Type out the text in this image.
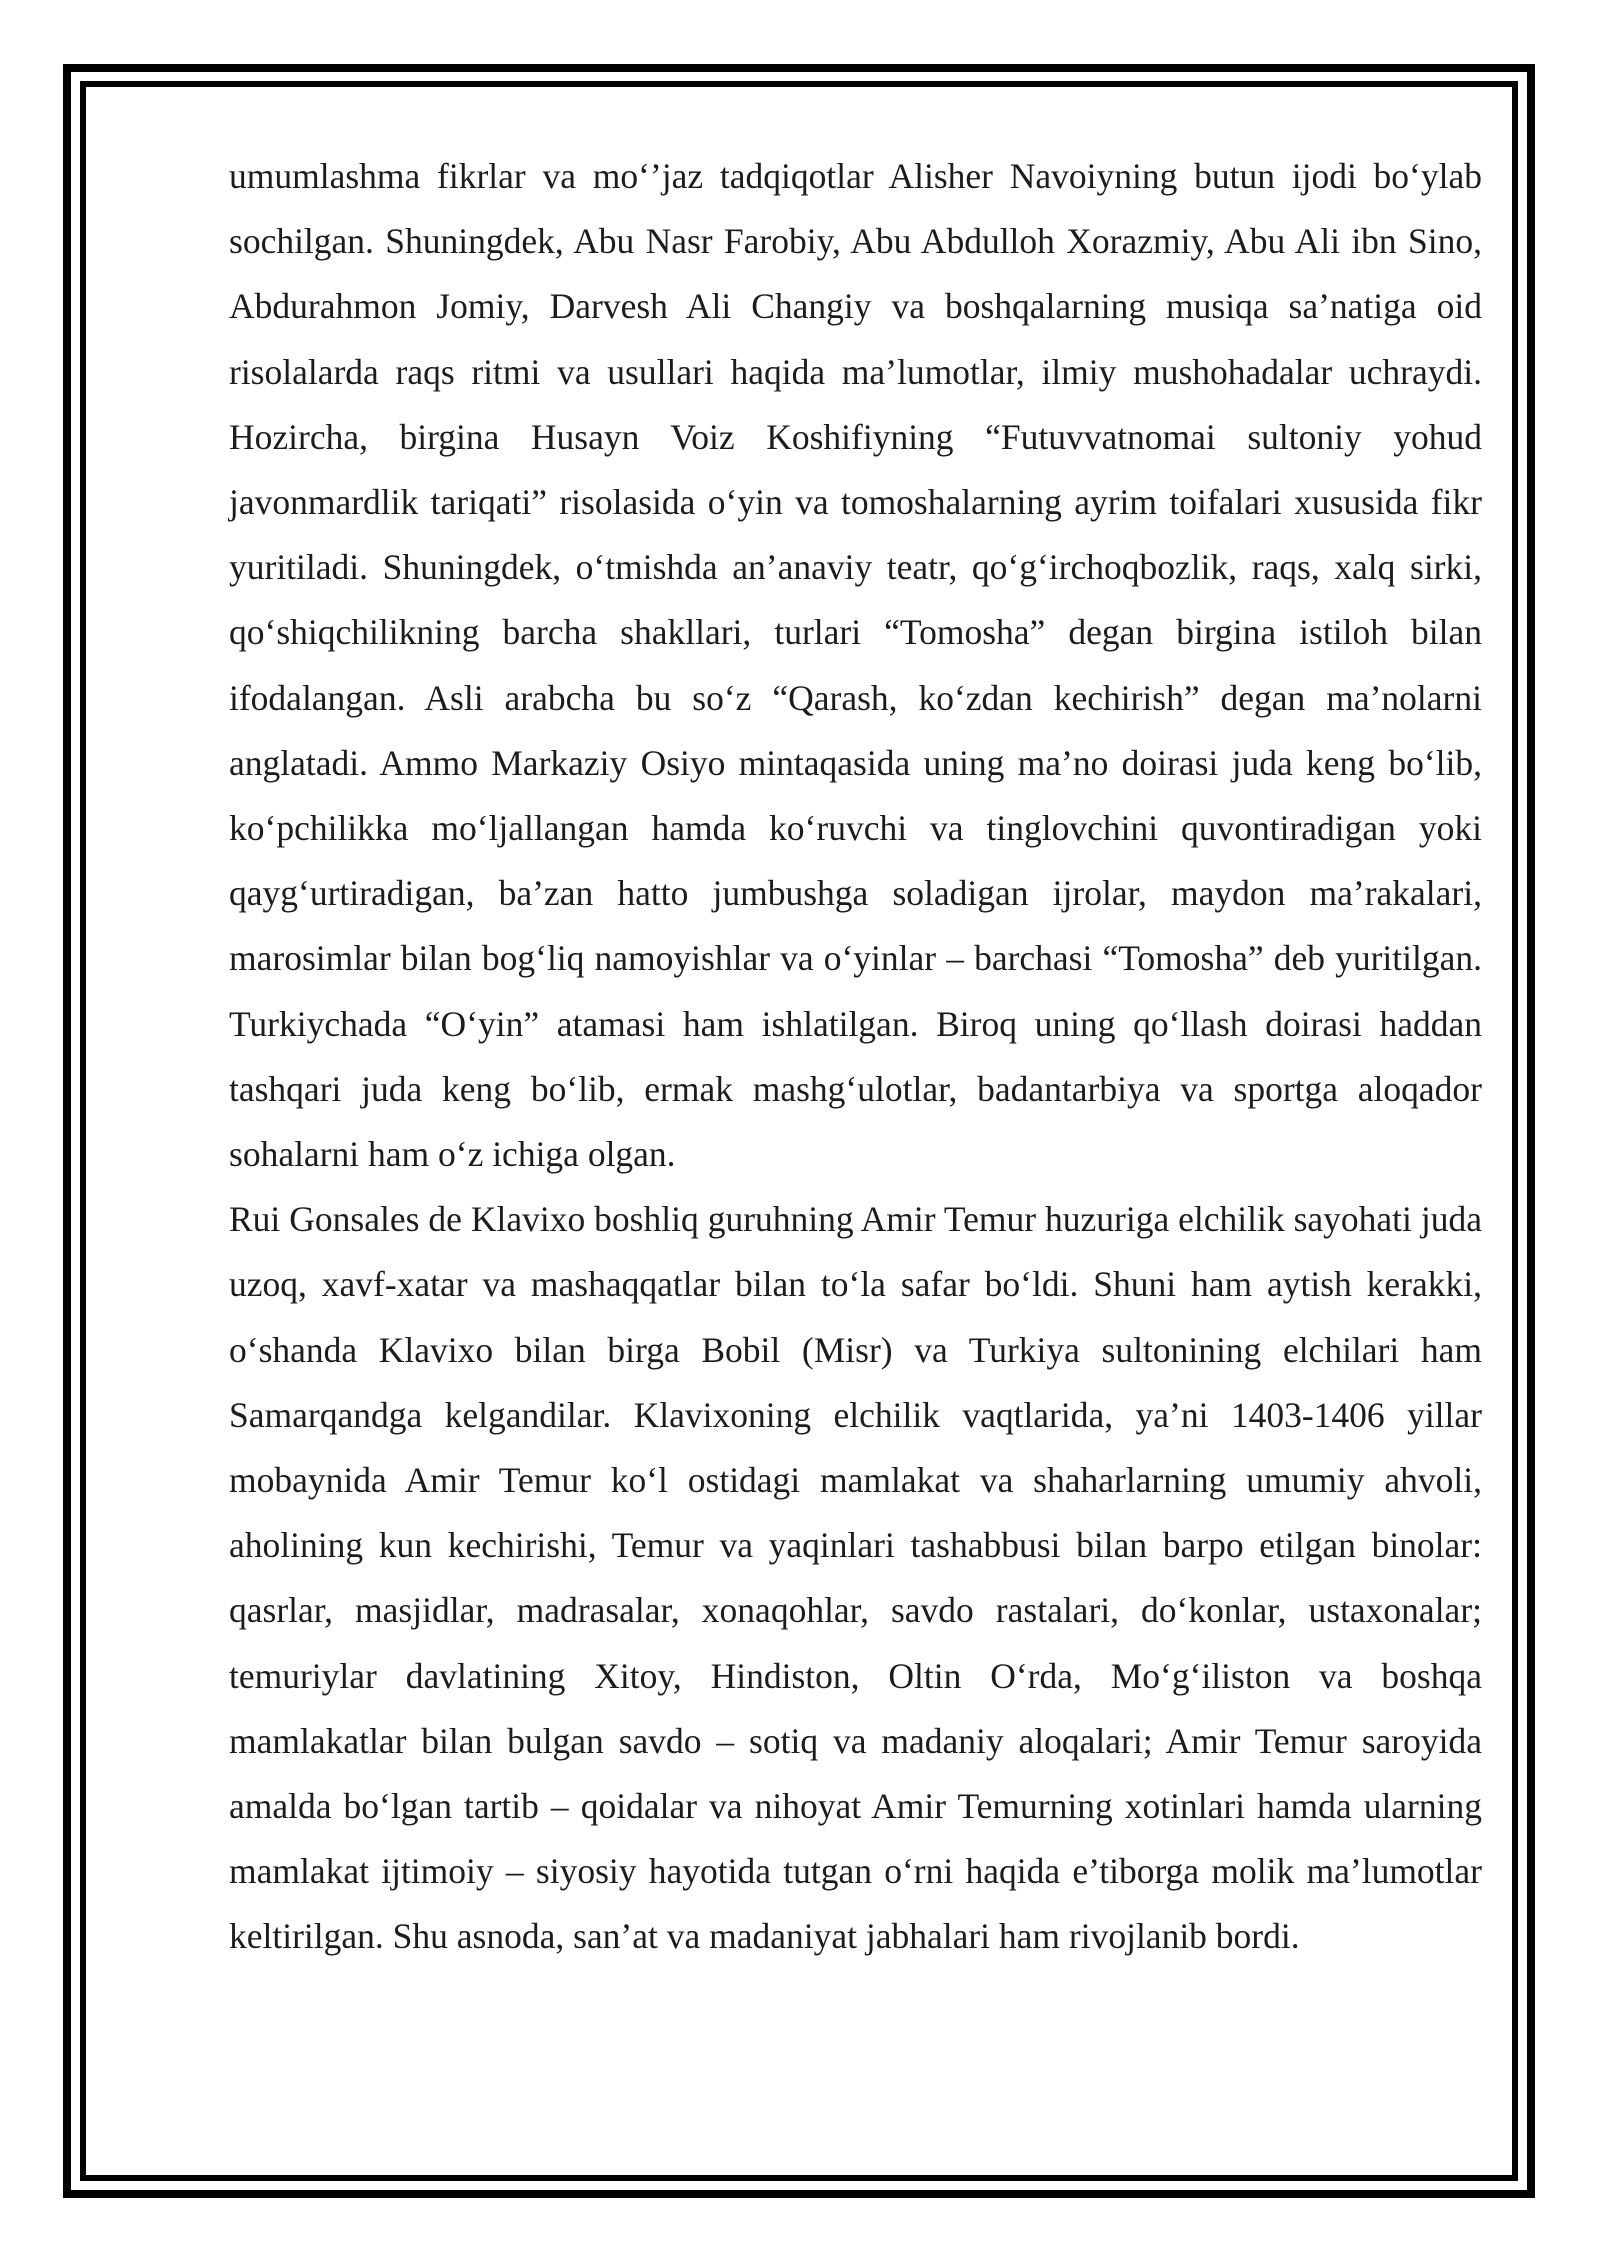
umumlashma fikrlar va mo‘’jaz tadqiqotlar Alisher Navoiyning butun ijodi bo‘ylab sochilgan. Shuningdek, Abu Nasr Farobiy, Abu Abdulloh Xorazmiy, Abu Ali ibn Sino, Abdurahmon Jomiy, Darvesh Ali Changiy va boshqalarning musiqa sa’natiga oid risolalarda raqs ritmi va usullari haqida ma’lumotlar, ilmiy mushohadalar uchraydi. Hozircha, birgina Husayn Voiz Koshifiyning “Futuvvatnomai sultoniy yohud javonmardlik tariqati” risolasida o‘yin va tomoshalarning ayrim toifalari xususida fikr yuritiladi. Shuningdek, o‘tmishda an’anaviy teatr, qo‘g‘irchoqbozlik, raqs, xalq sirki, qo‘shiqchilikning barcha shakllari, turlari “Tomosha” degan birgina istiloh bilan ifodalangan. Asli arabcha bu so‘z “Qarash, ko‘zdan kechirish” degan ma’nolarni anglatadi. Ammo Markaziy Osiyo mintaqasida uning ma’no doirasi juda keng bo‘lib, ko‘pchilikka mo‘ljallangan hamda ko‘ruvchi va tinglovchini quvontiradigan yoki qayg‘urtiradigan, ba’zan hatto jumbushga soladigan ijrolar, maydon ma’rakalari, marosimlar bilan bog‘liq namoyishlar va o‘yinlar – barchasi “Tomosha” deb yuritilgan. Turkiychada “O‘yin” atamasi ham ishlatilgan. Biroq uning qo‘llash doirasi haddan tashqari juda keng bo‘lib, ermak mashg‘ulotlar, badantarbiya va sportga aloqador sohalarni ham o‘z ichiga olgan.

Rui Gonsales de Klavixo boshliq guruhning Amir Temur huzuriga elchilik sayohati juda uzoq, xavf-xatar va mashaqqatlar bilan to‘la safar bo‘ldi. Shuni ham aytish kerakki, o‘shanda Klavixo bilan birga Bobil (Misr) va Turkiya sultonining elchilari ham Samarqandga kelgandilar. Klavixoning elchilik vaqtlarida, ya’ni 1403-1406 yillar mobaynida Amir Temur ko‘l ostidagi mamlakat va shaharlarning umumiy ahvoli, aholining kun kechirishi, Temur va yaqinlari tashabbusi bilan barpo etilgan binolar: qasrlar, masjidlar, madrasalar, xonaqohlar, savdo rastalari, do‘konlar, ustaxonalar; temuriylar davlatining Xitoy, Hindiston, Oltin O‘rda, Mo‘g‘iliston va boshqa mamlakatlar bilan bulgan savdo – sotiq va madaniy aloqalari; Amir Temur saroyida amalda bo‘lgan tartib – qoidalar va nihoyat Amir Temurning xotinlari hamda ularning mamlakat ijtimoiy – siyosiy hayotida tutgan o‘rni haqida e’tiborga molik ma’lumotlar keltirilgan. Shu asnoda, san’at va madaniyat jabhalari ham rivojlanib bordi.
